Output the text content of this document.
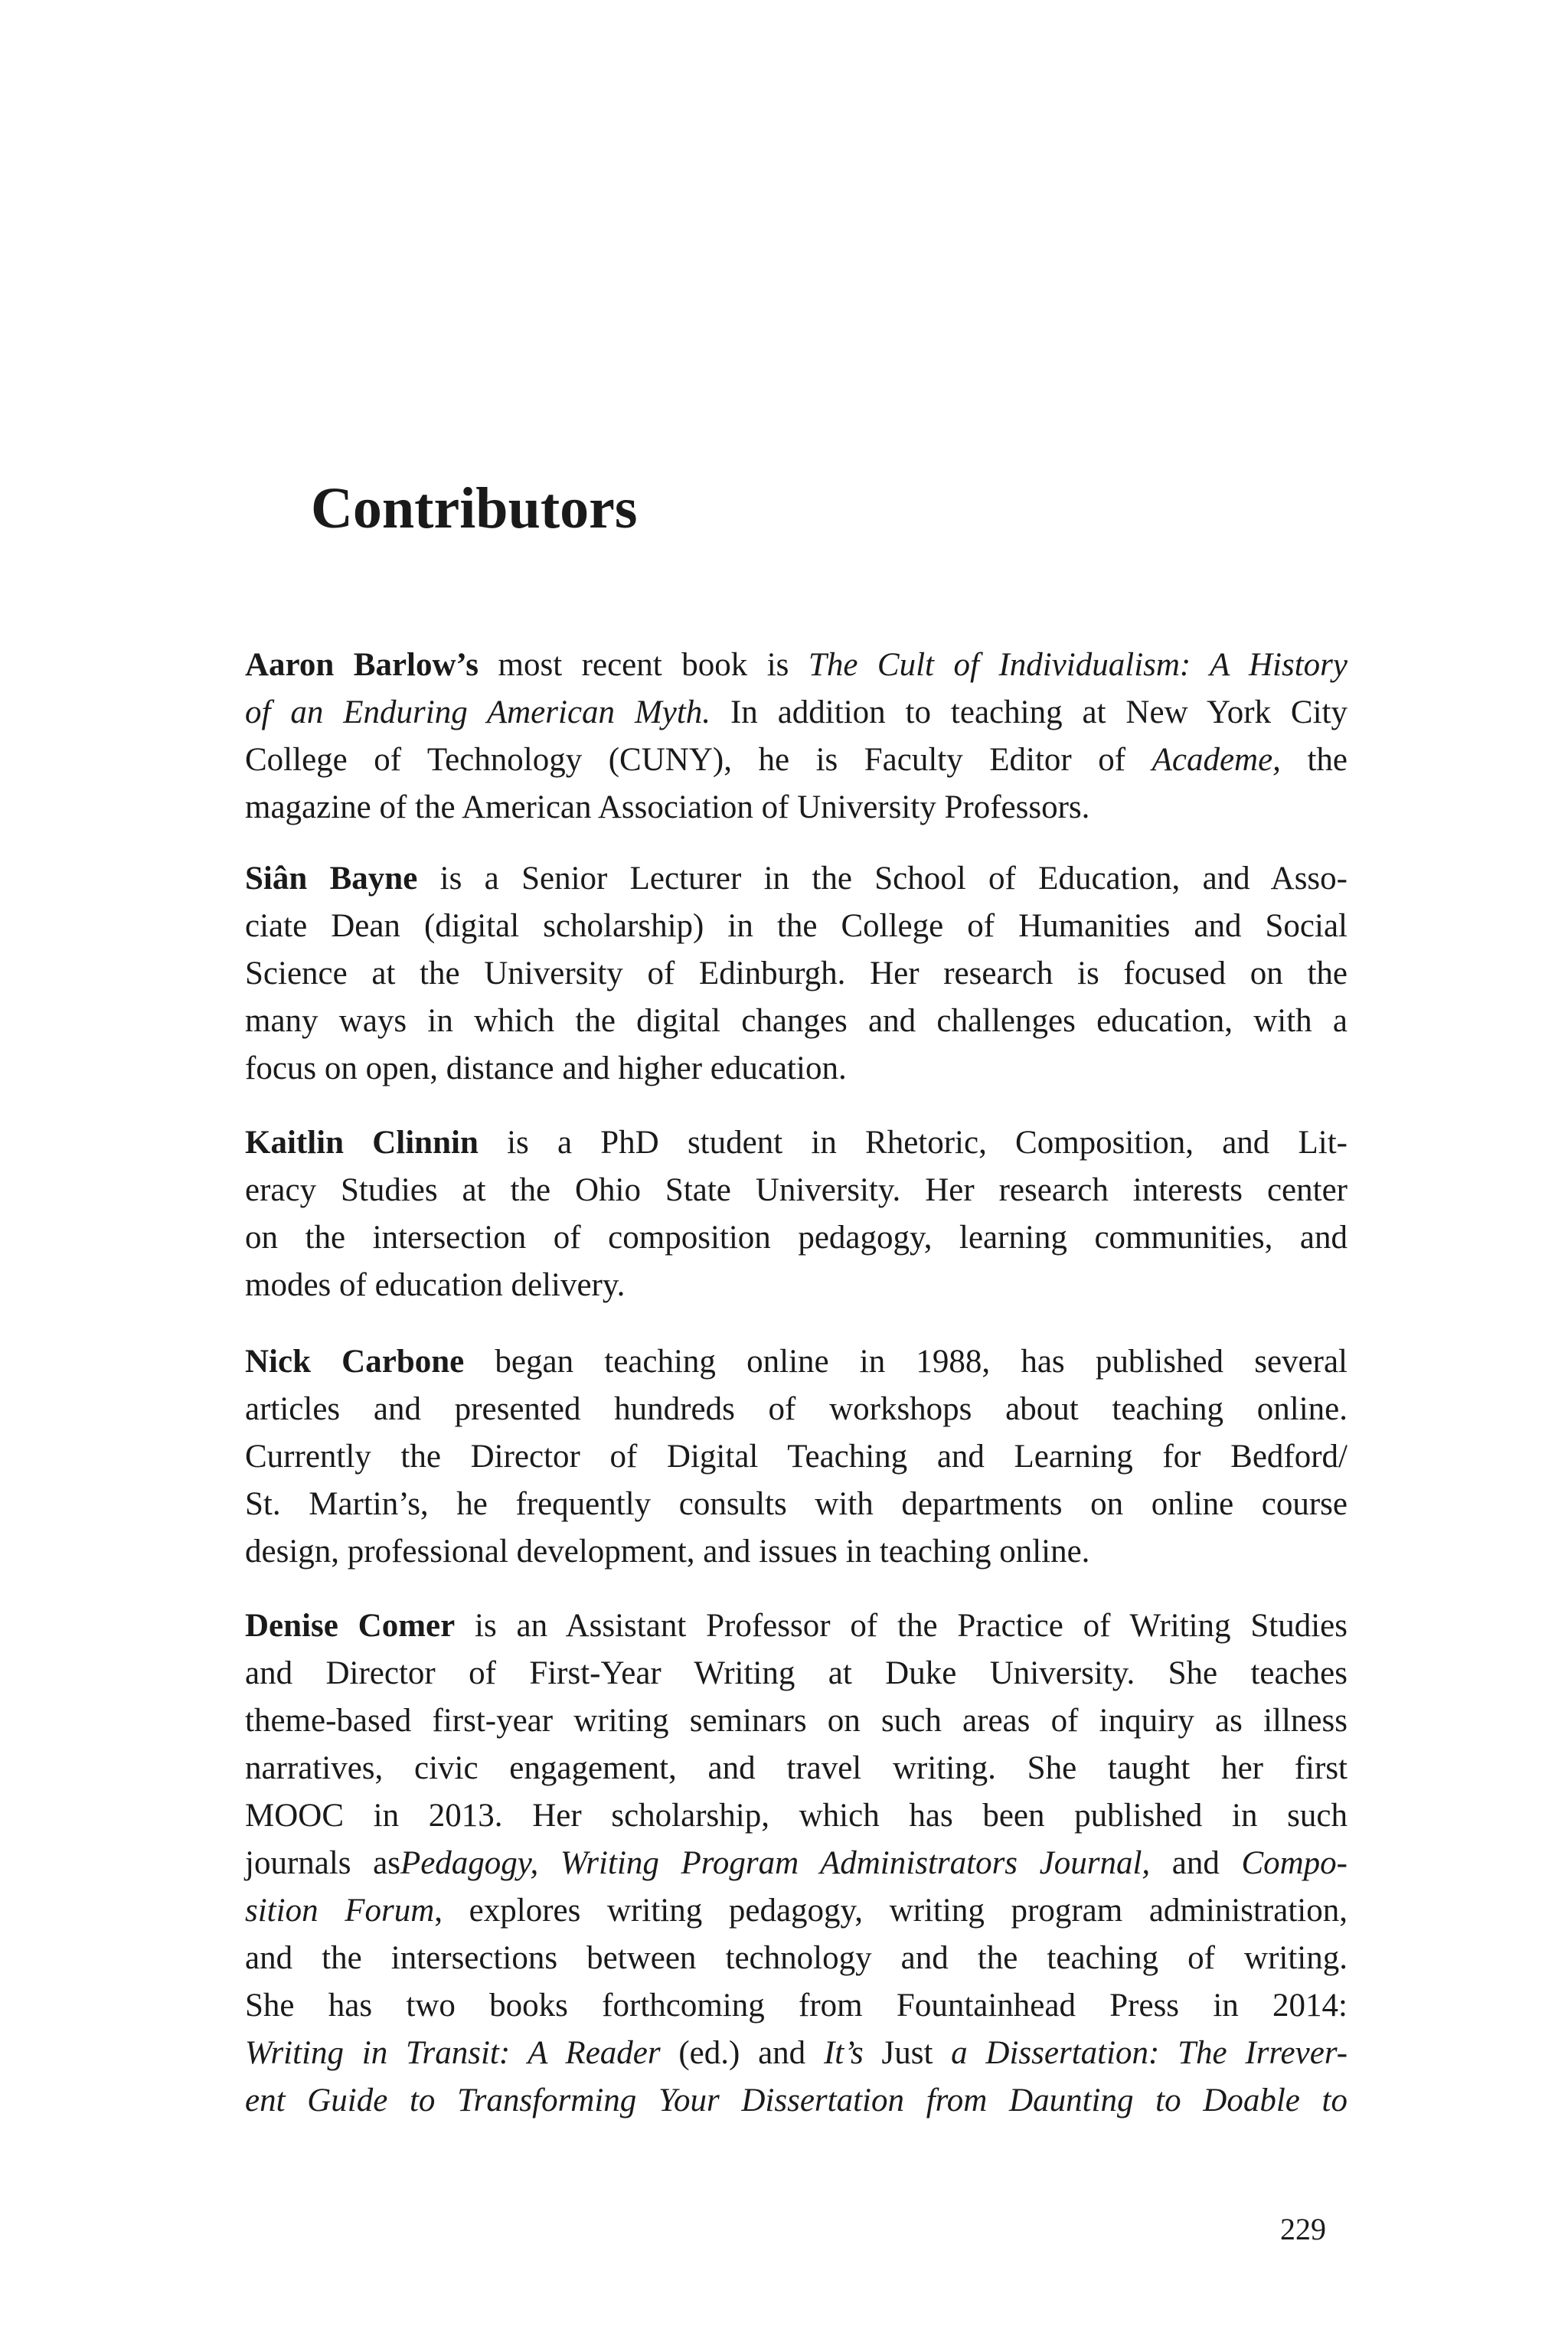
Contributors
Aaron Barlow’s most recent book is The Cult of Individualism: A History
of an Enduring American Myth. In addition to teaching at New York City
College of Technology (CUNY), he is Faculty Editor of Academe, the
magazine of the American Association of University Professors.
Siân Bayne is a Senior Lecturer in the School of Education, and Asso-
ciate Dean (digital scholarship) in the College of Humanities and Social
Science at the University of Edinburgh. Her research is focused on the
many ways in which the digital changes and challenges education, with a
focus on open, distance and higher education.
Kaitlin Clinnin is a PhD student in Rhetoric, Composition, and Lit-
eracy Studies at the Ohio State University. Her research interests center
on the intersection of composition pedagogy, learning communities, and
modes of education delivery.
Nick Carbone began teaching online in 1988, has published several
articles and presented hundreds of workshops about teaching online.
Currently the Director of Digital Teaching and Learning for Bedford/
St. Martin’s, he frequently consults with departments on online course
design, professional development, and issues in teaching online.
Denise Comer is an Assistant Professor of the Practice of Writing Studies
and Director of First-Year Writing at Duke University. She teaches
theme-based first-year writing seminars on such areas of inquiry as illness
narratives, civic engagement, and travel writing. She taught her first
MOOC in 2013. Her scholarship, which has been published in such
journals asPedagogy, Writing Program Administrators Journal, and Compo-
sition Forum, explores writing pedagogy, writing program administration,
and the intersections between technology and the teaching of writing.
She has two books forthcoming from Fountainhead Press in 2014:
Writing in Transit: A Reader (ed.) and It’s Just a Dissertation: The Irrever-
ent Guide to Transforming Your Dissertation from Daunting to Doable to
229
